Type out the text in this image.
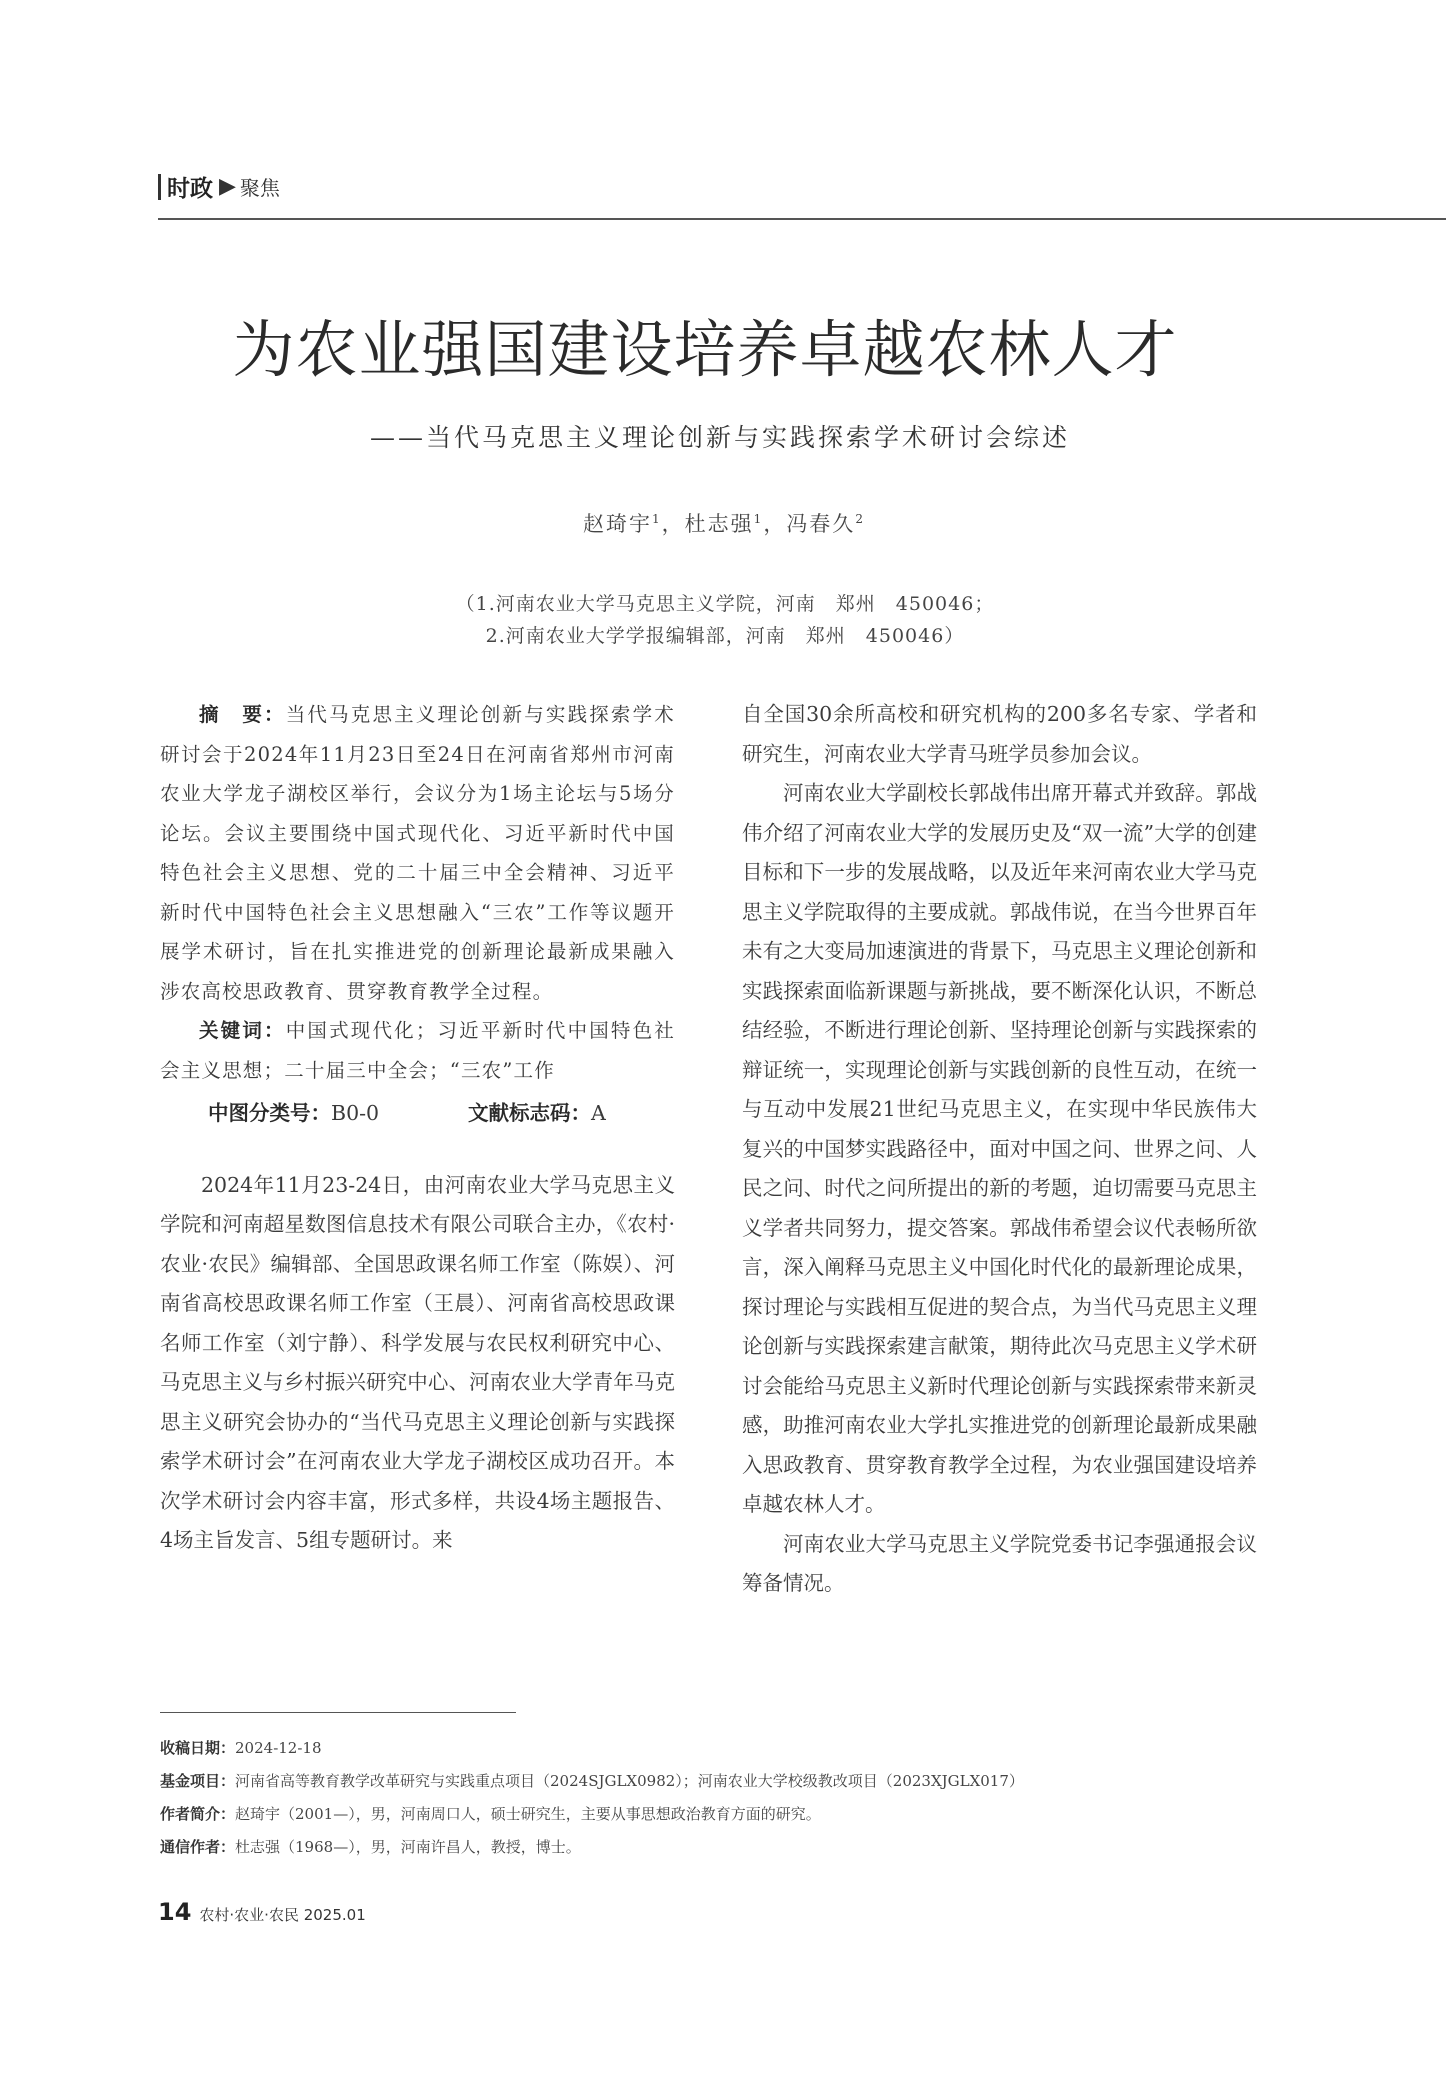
时政 ▶ 聚焦
为农业强国建设培养卓越农林人才
——当代马克思主义理论创新与实践探索学术研讨会综述
赵琦宇$^1$，杜志强$^1$，冯春久$^2$
（1.河南农业大学马克思主义学院，河南　郑州　450046；
2.河南农业大学学报编辑部，河南　郑州　450046）

摘　要：当代马克思主义理论创新与实践探索学术研讨会于2024年11月23日至24日在河南省郑州市河南农业大学龙子湖校区举行，会议分为1场主论坛与5场分论坛。会议主要围绕中国式现代化、习近平新时代中国特色社会主义思想、党的二十届三中全会精神、习近平新时代中国特色社会主义思想融入“三农”工作等议题开展学术研讨，旨在扎实推进党的创新理论最新成果融入涉农高校思政教育、贯穿教育教学全过程。

关键词：中国式现代化；习近平新时代中国特色社会主义思想；二十届三中全会；“三农”工作

中图分类号：B0-0	文献标志码：A

2024年11月23-24日，由河南农业大学马克思主义学院和河南超星数图信息技术有限公司联合主办，《农村·农业·农民》编辑部、全国思政课名师工作室（陈娱）、河南省高校思政课名师工作室（王晨）、河南省高校思政课名师工作室（刘宁静）、科学发展与农民权利研究中心、马克思主义与乡村振兴研究中心、河南农业大学青年马克思主义研究会协办的“当代马克思主义理论创新与实践探索学术研讨会”在河南农业大学龙子湖校区成功召开。本次学术研讨会内容丰富，形式多样，共设4场主题报告、4场主旨发言、5组专题研讨。来

自全国30余所高校和研究机构的200多名专家、学者和研究生，河南农业大学青马班学员参加会议。

河南农业大学副校长郭战伟出席开幕式并致辞。郭战伟介绍了河南农业大学的发展历史及“双一流”大学的创建目标和下一步的发展战略，以及近年来河南农业大学马克思主义学院取得的主要成就。郭战伟说，在当今世界百年未有之大变局加速演进的背景下，马克思主义理论创新和实践探索面临新课题与新挑战，要不断深化认识，不断总结经验，不断进行理论创新、坚持理论创新与实践探索的辩证统一，实现理论创新与实践创新的良性互动，在统一与互动中发展21世纪马克思主义，在实现中华民族伟大复兴的中国梦实践路径中，面对中国之问、世界之问、人民之问、时代之问所提出的新的考题，迫切需要马克思主义学者共同努力，提交答案。郭战伟希望会议代表畅所欲言，深入阐释马克思主义中国化时代化的最新理论成果，探讨理论与实践相互促进的契合点，为当代马克思主义理论创新与实践探索建言献策，期待此次马克思主义学术研讨会能给马克思主义新时代理论创新与实践探索带来新灵感，助推河南农业大学扎实推进党的创新理论最新成果融入思政教育、贯穿教育教学全过程，为农业强国建设培养卓越农林人才。

河南农业大学马克思主义学院党委书记李强通报会议筹备情况。

收稿日期：2024-12-18
基金项目：河南省高等教育教学改革研究与实践重点项目（2024SJGLX0982）；河南农业大学校级教改项目（2023XJGLX017）
作者简介：赵琦宇（2001—），男，河南周口人，硕士研究生，主要从事思想政治教育方面的研究。
通信作者：杜志强（1968—），男，河南许昌人，教授，博士。
14 农村·农业·农民 2025.01
